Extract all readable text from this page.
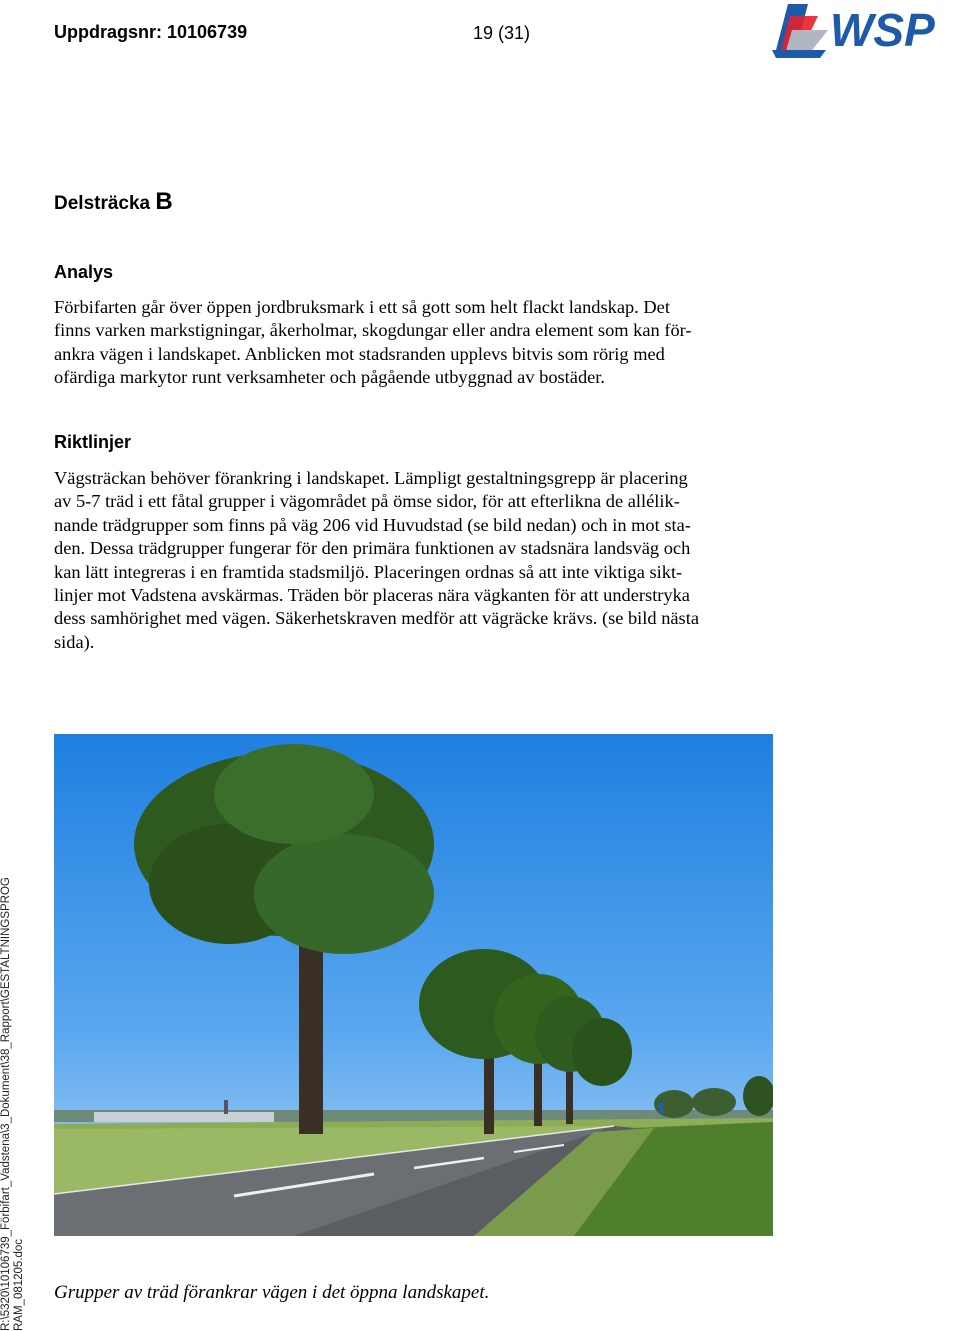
Uppdragsnr: 10106739	19 (31)	WSP
Delsträcka B
Analys
Förbifarten går över öppen jordbruksmark i ett så gott som helt flackt landskap. Det
finns varken markstigningar, åkerholmar, skogdungar eller andra element som kan för-
ankra vägen i landskapet. Anblicken mot stadsranden upplevs bitvis som rörig med
ofärdiga markytor runt verksamheter och pågående utbyggnad av bostäder.
Riktlinjer
Vägsträckan behöver förankring i landskapet. Lämpligt gestaltningsgrepp är placering
av 5-7 träd i ett fåtal grupper i vägområdet på ömse sidor, för att efterlikna de allélik-
nande trädgrupper som finns på väg 206 vid Huvudstad (se bild nedan) och in mot sta-
den. Dessa trädgrupper fungerar för den primära funktionen av stadsnära landsväg och
kan lätt integreras i en framtida stadsmiljö. Placeringen ordnas så att inte viktiga sikt-
linjer mot Vadstena avskärmas. Träden bör placeras nära vägkanten för att understryka
dess samhörighet med vägen. Säkerhetskraven medför att vägräcke krävs. (se bild nästa
sida).
Grupper av träd förankrar vägen i det öppna landskapet.
R:\5320\10106739_Förbifart_Vadstena\3_Dokument\38_Rapport\GESTALTNINGSPROG RAM_081205.doc
